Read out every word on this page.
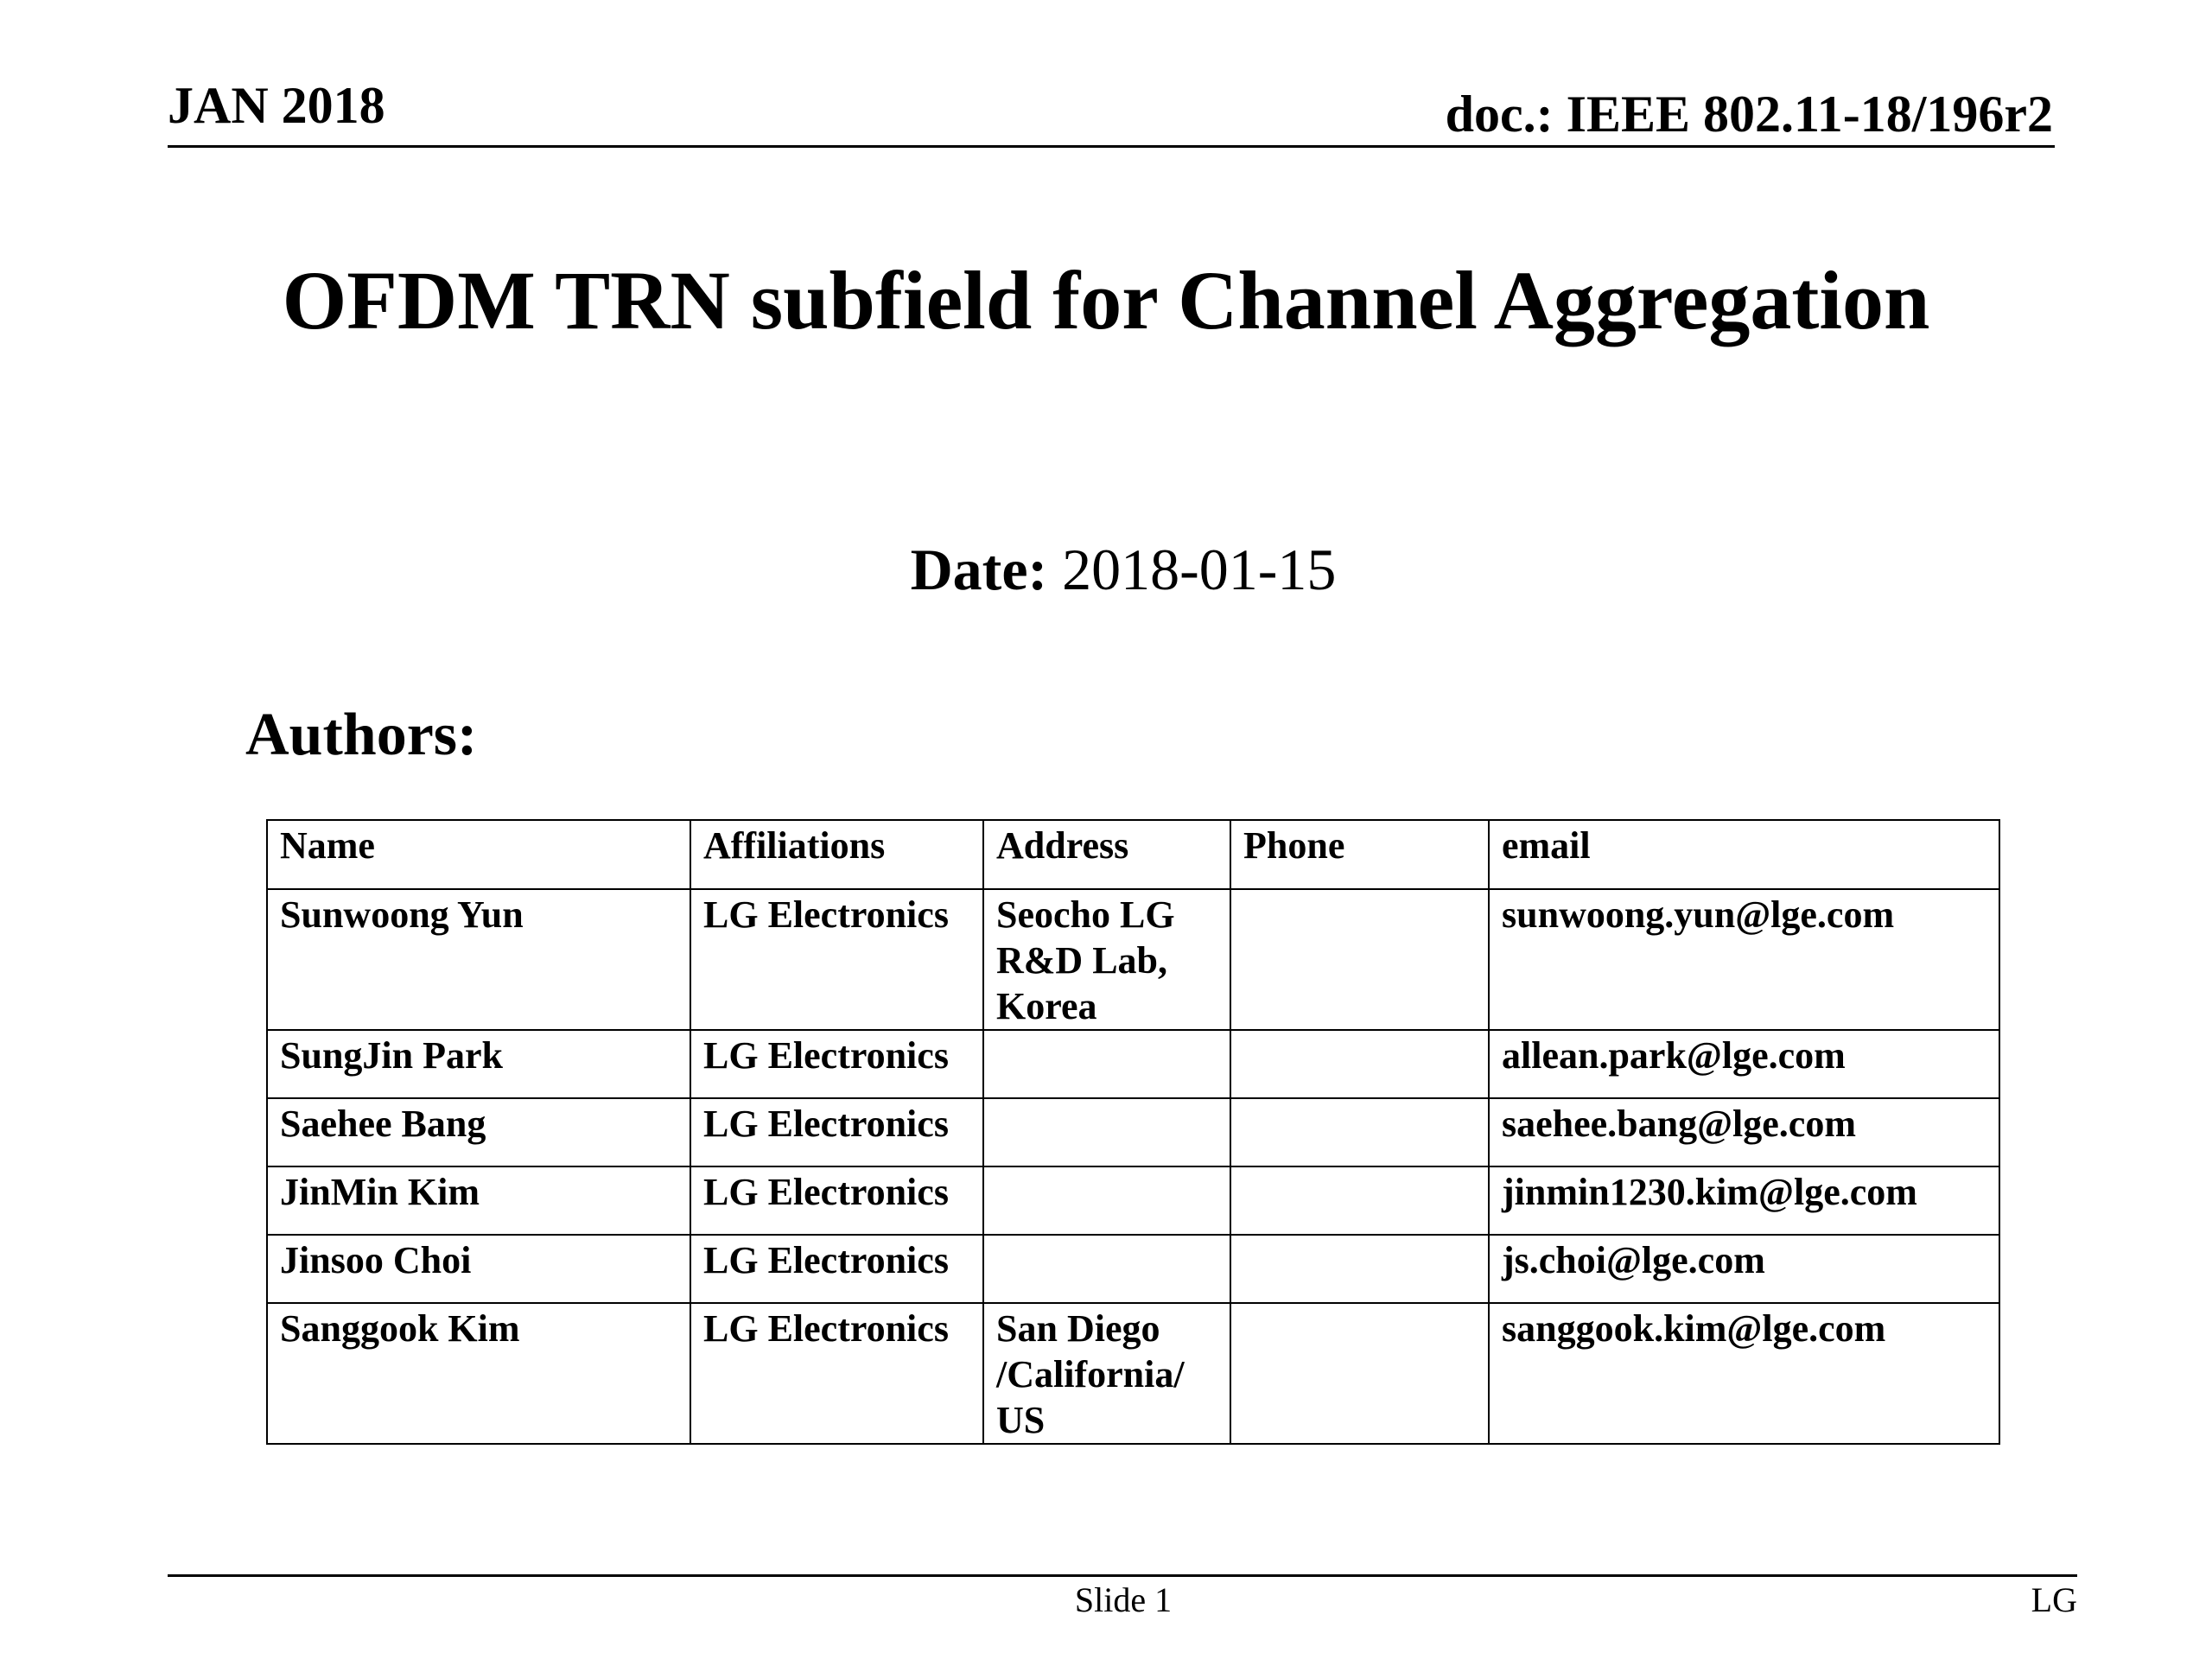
JAN 2018	doc.: IEEE 802.11-18/196r2
OFDM TRN subfield for Channel Aggregation
Date: 2018-01-15
Authors:
Name	Affiliations	Address	Phone	email
Sunwoong Yun	LG Electronics	Seocho LG R&D Lab, Korea		sunwoong.yun@lge.com
SungJin Park	LG Electronics			allean.park@lge.com
Saehee Bang	LG Electronics			saehee.bang@lge.com
JinMin Kim	LG Electronics			jinmin1230.kim@lge.com
Jinsoo Choi	LG Electronics			js.choi@lge.com
Sanggook Kim	LG Electronics	San Diego /California/ US		sanggook.kim@lge.com
Slide 1	LG
